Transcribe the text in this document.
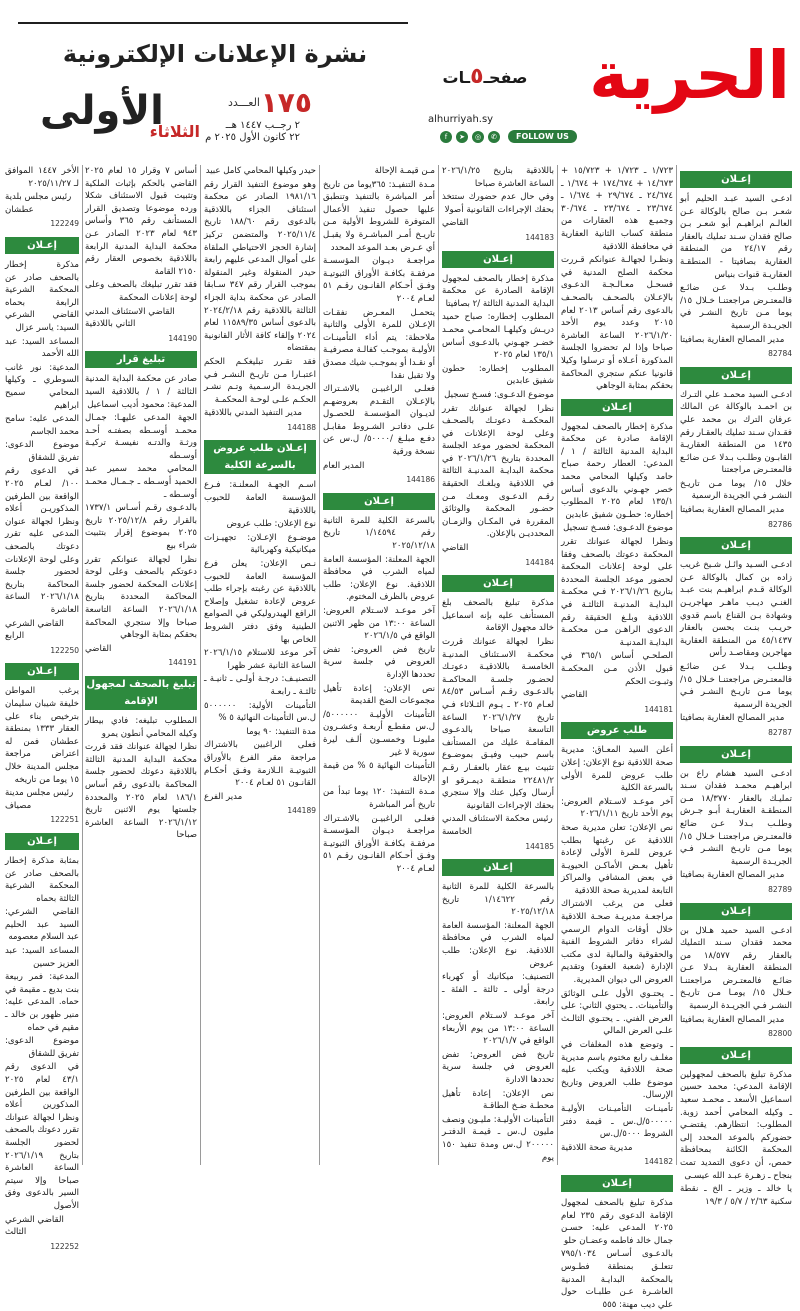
نشرة الإعلانات الإلكترونية
العـــدد ١٧٥
٢ رجــب ١٤٤٧ هــ
٢٢ كانون الأول ٢٠٢٥ م
الثلاثاء
الأولى
صفحـ٥ـات	الحرية
alhurriyah.sy
f	➤	◎	✆	FOLLOW US
إعـلان

ادعـى السيد عبـد الحليم أبو شعـر بـن صالح بالوكالة عـن العالـم ابراهيـم أبو شعـر بـن صالح فقدان سـند تمليك بالعقار رقم ٢٤/١٧ من المنطقة العقارية بصافيتا - المنطقـة العقاريـة قنوات بنياس

وطلـب بـدلا عـن ضائـع فالمعتـرض مراجعتنـا خـلال ١٥/ يوما مـن تاريخ النشـر في الجريـدة الرسمية

مدير المصالح العقارية بصافيتا

82784
إعـلان

ادعـى السيد محمـد علي التـرك بن احمـد بالوكالة عن المالك عرفان الترك بن محمد علي فقـدان سـند تمليك بالعقـار رقم ١٤٣٥ من المنطقة العقاريـة القابـون وطلـب بـدلا عـن ضائـع فالمعتـرض مراجعتنا

خلال ١٥/ يوما مـن تاريـخ النشـر فـي الجريدة الرسمية

مدير المصالح العقارية بصافيتا

82786
إعـلان

ادعـى السـيد وائـل شـيخ غريب زاده بن كمال بالوكالة عـن الوكالة قـدم ابراهيـم بنت عبـد الغنـي ديـب ماهـر مهاجريـن وشهادة بـن القناع باسم قدوي حريـب بنـت بحسن بالعقار ٤٥/١٤٣٧ من المنطقة العقارية مهاجرين ومقاصـد رأس

وطلـب بـدلا عـن ضائـع فالمعتـرض مراجعتنـا خـلال ١٥/ يوما مـن تاريـخ النشـر فـي الجريدة الرسمية

مدير المصالح العقارية بصافيتا

82787
إعـلان

ادعـى السيد هشام راع بن ابراهيـم محمـد فقدان سـند تمليـك بالعقار ١٨/٣٧٧٠ مـن المنطقـة العقاريـة أبـو جـرش وطلـب بـدلا عـن ضائع فالمعتـرض مراجعتنـا خـلال ١٥/ يوما مـن تاريـخ النشـر فـي الجريـدة الرسمية

مدير المصالح العقارية بصافيتا

82789
إعـلان

ادعـى السيد حميد هـلال بن محمد فقدان سـند التمليك بالعقار رقم ١٨/٥٧٧ من المنطقة العقارية بـدلا عـن ضائـع فالمعتـرض مراجعتنـا خـلال ١٥/ يومـا مـن تاريـخ النشـر فـي الجريـدة الرسمية

مدير المصالح العقارية بصافيتا

82800
إعـلان

مذكرة تبليغ بالصحف لمجهولين الإقامة المدعي: محمد حسين اسماعيل الأسعد ـ محمـد سعيد ـ وكيله المحامي أحمد زوبة. المطلوب: انتظارهم. يقتضـي حضوركم بالموعد المحدد إلى المحكمة الكائنة بمحافظة حمص، أن دعوى التمديد تمت بنجاح ـ زهـرة عبـد الله عيسـى

يا خالد ـ وزير ـ الخ ـ نقطة سكنية ٢/٦٣ / ٥/٧ / ١٩/٣

١/٧٢٣ ـ ١/٧٢٣ + ١٥/٧٢٣ + ١٤/٦٧٣ + ١٧٤/٦٧٤ + ١/٦٧٤ ـ ٢٤/٦٧٤ ـ ٢٩/٦٧٤ + ١/٦٧٤ ـ ٢٣/٦٧٤ ـ ٢٣/٦٧٤ ـ ٣٠/٦٧٤ وجميـع هذه العقارات من منطقة كساب الثانية العقارية في محافظة اللاذقية

ونظـرا لجهالـة عنوانكم قـررت محكمة الصلح المدنية في فسحـل معـالـجـة الدعـوى بالإعـلان بالصحـف بالصحـف بالدعوى رقم أساس ٢٠١٣ لعام ٢٠١٥ وعدد يوم الأحد ٢٠٢٦/١/٢٠ الساعة العاشرة صباحا وإذا لم تحضروا الجلسة المذكورة أعـلاه أو ترسلوا وكيلا قانونيا عنكم ستجري المحاكمة بحقكم بمثابة الوجاهي

إعـلان

مذكرة إخطار بالصحف لمجهول الإقامة صادرة عن محكمة البداية المدنية الثالثة / ١ / المدعي: العطار رحمة صباح حامد وكيلها المحامي محمد خصر جهـوني بالدعوى أساس ١٣٥/١ لعام ٢٠٢٥ المطلوب إخطاره: حطـون شفيق عابدين

موضوع الدعـوى: فسـخ تسجيل

ونظرا لجهالة عنوانك تقرر المحكمة دعوتك بالصحف وفقا على لوحة إعلانات المحكمة لحضور موعد الجلسة المحددة بتاريخ ٢٠٢٦/١/٢٦ فـي محكمـة البدايـة المدنيـة الثالثـة في اللاذقية وبلـغ الحقيقة رقم الدعوى الراهـن مـن محكمـة البدايـة المدنيـة

الصلحـي أساس ٣٦٥/١ في قبول الأذن مـن المحكمـة وثبـوت الحكم

القاضي

144181
طلب عروض

أعلن السيد المعـاق: مديرية صحة اللاذقية نوع الإعلان: إعلان طلب عروض للمرة الأولى بالسرعة الكلية

آخر موعـد لاسـتلام العروض: يوم الأحد تاريخ ٢٠٢٦/١/١١

نص الإعلان: تعلن مديرية صحة اللاذقية عن رغبتها بطلب عروض للمرة الأولى لإعادة تأهيل بعـض الأماكـن الحيويـة في بعض المشافي والمراكز التابعة لمديرية صحة اللاذقية

فعلى من يرغب الاشتراك مراجعـة مديريـة صحـة اللاذقية خلال أوقات الدوام الرسمي لشراء دفاتر الشروط الفنية والحقوقية والمالية لدى مكتب الإدارة (شعبة العقود) وتقديم العروض الى ديوان المديرية.

ـ يحتـوي الأول علـى الوثائق والتأمينات. ـ يحتوي الثاني: على العرض الفني. ـ يحتـوي الثالـث علـى العرض المالي

ـ وتوضع هذه المغلفات في مغلـف رابع مختوم باسم مديرية صحة اللاذقية ويكتب عليه موضوع طلب العروض وتاريخ الإرسال.

تأمينـات التأميـنات الأوليـة ٥٠٠٠٠٠/ل.س ـ قيمة دفتر الشروط ٥٠٠٠/ل.س

مديرية صحة اللاذقية

144182
إعـلان

مذكرة تبليغ بالصحف لمجهول الإقامة الدعوى رقم ٢٣٥ لعام ٢٠٢٥ المدعى عليه: حسـن جمال خالد فاطمه وعضـان حلو

بالدعـوى أسـاس ٧٩٥/١٠٣٤ تتعلـق بمنطقة فطـوس بالمحكمة البدايـة المدنية العاشـرة عـن طلبـات حول علي ديب مهنة: ٥٥٥

باللاذقية بتاريخ ٢٠٢٦/١/٢٥ الساعة العاشرة صباحا

وفي حال عدم حضورك ستتخذ بحقك الإجراءات القانونية أصولا

القاضي

144183
إعـلان

مذكرة إخطار بالصحف لمجهول الإقامة الصادرة عن محكمة البداية المدنية الثالثة /٢ بصافيتا

المطلوب إخطاره: صباح حميد دريـش وكيلهـا المحامـي محمـد خضـر جهـوني بالدعـوى أساس ١٣٥/١ لعام ٢٠٢٥

المطلوب إخطاره: حطون شفيق عابدين

موضوع الدعـوى: فسـخ تسجيل

نظرا لجهالة عنوانك تقرر المحكمـة دعوتـك بالصحـف وعلى لوحة الإعلانات في المحكمة لحضور موعد الجلسة المحددة بتاريخ ٢٠٢٦/١/٢٦ في محكمة البدايـة المدنيـة الثالثة في اللاذقية وبلغـك الحقيقة رقـم الدعـوى ومعـك مـن حضـور المحكمة والوثائق المقررة في المكـان والزمـان المحدديـن بالإعلان.

القاضي

144184
إعـلان

مذكرة تبليغ بالصحف بلغ المستأنف عليه بإنه اسماعيل خالد مجهول الإقامة

نظرا لجهالة عنوانك قررت محكمـة الاسـتئناف المدنيـة الخامسـة باللاذقيـة دعوتـك لحضـور جلسـة المحاكمـة بالدعـوى رقـم أسـاس ٨٤/٥٣ لعـام ٢٠٢٥ ـ يـوم الثـلاثاء فـي تاريخ ٢٠٢٦/١/٢٧ الساعة التاسعة صباحا بالدعـوى المقامـة عليك من المستأنف باسم حبيب وفيـق بموضـوع تثبيت بيـع عقار بالعقـار رقـم ٢٢٤٨١/٢ منطقـة ديمـرقو او أرسال وكيل عنك وإلا ستجري بحقك الإجراءات القانونية

رئيس محكمة الاستئناف المدني الخامسة

144185
إعـلان

بالسرعة الكلية للمرة الثانية رقم ١/١٤٦٢٢ تاريخ ٢٠٢٥/١٢/١٨

الجهة المعلنة: المؤسسة العامة لمياه الشرب في محافظة اللاذقية. نوع الإعلان: طلب عروض

التصنيف: ميكانيك أو كهرباء درجة أولى ـ ثالثة ـ الفئة ـ رابعة.

آخر موعـد لاسـتلام العروض: الساعة ١٣:٠٠ من يوم الأربعاء الواقع في ٢٠٢٦/١/٧

تاريخ فض العروض: تفض العروض في جلسة سرية تحددها الادارة

نص الإعلان: إعادة تأهيل محطـة ضـخ الطاقـة

التأمينات الأوليـة: مليـون ونصف مليون ل.س ـ قيمـة الدفتـر ٢٠٠٠٠٠ ل.س ومدة تنفيذ ١٥٠ يوم

مـن قيمـة الإحالة

مـدة التنفيـذ: ٣٦٥يوما من تاريخ أمر المباشرة بالتنفيذ وتنطبق عليها حصول تنفيذ الأعمال المتوفرة للشروط الأولية مـن تاريـخ أمـر المباشـرة ولا يقبـل أي عـرض بعـد الموعد المحدد

مراجعـة ديـوان المؤسسـة مرفقـة بكافـة الأوراق الثبوتيـة وفـق أحـكام القانـون رقـم ٥١ لعـام ٢٠٠٤

يتحمـل المعـرض نفقـات الإعـلان للمرة الأولى والثانية ملاحظة: يتم أداء التأمينـات الأوليـة بموجـب كفالـة مصرفيـة أو نقـدا أو بموجـب شيك مصدق ولا تقبل نقدا

فعلـى الراغبيـن بالاشـتراك بالإعـلان التقـدم بعروضهـم لديـوان المؤسسـة للحصـول علـى دفاتـر الشـروط مقابـل دفـع مبلـغ /٥٠٠٠٠/ ل.س عن نسخة ورقية

المدير العام

144186
إعـلان

بالسرعة الكلية للمرة الثانية رقم ١/١٤٥٩٤ تاريخ ٢٠٢٥/١٢/١٨

الجهة المعلنة: المؤسسة العامة لمياه الشرب في محافظة اللاذقية. نوع الإعلان: طلب عروض بالظرف المختوم.

آخر موعـد لاسـتلام العروض: الساعة ١٣:٠٠ من ظهر الاثنين الواقع في ٢٠٢٦/١/٥

تاريخ فض العروض: تفض العروض في جلسة سرية تحددها الإدارة

نص الإعلان: إعادة تأهيل مجموعات الضخ القديمة

التأمينات الأوليـة ٥٠٠٠٠٠٠/ل.س مقطـع أربعـة وعشـرون مليونـا وخمسـون ألـف ليرة سورية لا غير

التأمينات النهائية ٥ % من قيمة الإحالة

مـدة التنفيذ: ١٢٠ يوما تبدأ من تاريخ أمر المباشرة

فعلـى الراغبيـن بالاشـتراك مراجعـة ديـوان المؤسسـة مرفقـة بكافـة الأوراق الثبوتيـة وفـق أحـكام القانـون رقـم ٥١ لعـام ٢٠٠٤

حيدر وكيلها المحامي كامل عبيد

وهو موضوع التنفيذ القرار رقم ١٩٨١/١٦ الصادر عن محكمة استئناف الجزاء باللاذقية بالدعوى رقم ١٨٨/٦٠ تاريخ ٢٠٢٥/١١/٤ والمتضمن تركيز إشارة الحجز الاحتياطي الملقاة على أموال المدعى عليهم رابعة حيدر المنقولة وغير المنقولة بموجب القرار رقم ٣٤٧ سـابقا الصادر عن محكمة بداية الجزاء الثالثة باللاذقية رقم ٢٠٢٤/٢/١٨ بالدعوى أساس ١١٥٨٩/٣٥ لعام ٢٠٢٤ وإلقاء كافة الأثار القانونية بمقتضاه

فقد تقـرر تبليغكـم الحكم اعتبـارا مـن تاريـخ النشـر فـي الجريـدة الرسـمية وتـم نشـر الحكـم علـى لوحـة المحكمـة

مدير التنفيذ المدني باللاذقية

144188
إعـلان طلب عروض بالسرعة الكلية

اسـم الجهـة المعلنـة: فـرع المؤسسة العامة للحبوب باللاذقية

نوع الإعلان: طلب عروض

موضـوع الإعـلان: تجهيـزات ميكانيكية وكهربائية

نـص الإعلان: يعلن فرع المؤسسة العامة للحبوب باللاذقية عن رغبته بإجراء طلب عروض لإعادة تشغيل وإصلاح الرافع الهيدروليكي في الصوامع الطينية وفق دفتر الشروط الخاص بها

آخر موعد للاستلام ٢٠٢٦/١/١٥ الساعة الثانية عشر ظهرا

التصنيـف: درجـة أولـى ـ ثانيـة ـ ثالثـة ـ رابعـة

التأمينات الأولية: ٥٠٠٠٠٠٠ ل.س التأمينات النهائية ٥ %

مدة التنفيذ: ٩٠ يوما

فعلى الراغبين بالاشتراك مراجعة مقر الفرع بالأوراق الثبوتيـة الـلازمة وفـق أحكـام القانـون ٥١ لعـام ٢٠٠٤

مدير الفرع

144189

أساس ٧ وقرار ١٥ لعام ٢٠٢٥ القاضي بالحكم بإثبات الملكية وتثبيت قبول الاستئناف شكلا ورده موضوعا وتصديق القرار المستأنف رقم ٣٦٥ وأساس ٩٤٣ لعام ٢٠٢٣ الصادر عـن محكمة البداية المدنية الرابعة باللاذقية بخصوص العقار رقم ٢١٥٠ القامة

فقد تقرر تبليغك بالصحف وعلى لوحة إعلانات المحكمة

القاضي الاستئناف المدني الثاني باللاذقية

144190
تبليغ قرار

صادر عن محكمة البداية المدنية الثالثة / ١ / باللاذقية السيد المدعية: محمود أديب اسماعيل

الجهة المدعى عليهـا: جمـال محمـد أوسـطه بصفتـه أحـد ورثـة والدتـه نفيسـة تركيـة أوسـطه

المحامي محمد سمير عبد الحميد أوسـطه ـ جـمـال محمـد أوسـطه ـ

بالدعـوى رقـم أسـاس ١٧٣٧/١ بالقرار رقم ٢٠٢٥/١٢/٨ تاريخ ٢٠٢٥ بموضوع إقرار بتثبيت شراء بيع

نظرا لجهالة عنوانكم تقرر دعوتكم بالصحف وعلى لوحة إعلانات المحكمة لحضور جلسة المحاكمة المحددة بتاريخ ٢٠٢٦/١/١٨ الساعة التاسعة صباحا وإلا ستجري المحاكمة بحقكم بمثابة الوجاهي

القاضي

144191
تبليغ بالصحف لمجهول الإقامة

المطلوب تبليغه: فادي بيطار وكيله المحامي أنطون يمرو

نظرا لجهالة عنوانك فقد قررت محكمة البداية المدنية الثالثة باللاذقية دعوتك لحضور جلسة المحاكمة بالدعوى رقم أساس ١٨٦/١ لعام ٢٠٢٥ والمحددة جلستها يوم الاثنين تاريخ ٢٠٢٦/١/١٢ الساعة العاشرة صباحا

الأخر ١٤٤٧ الموافق لـ ٢٠٢٥/١١/٢٧

رئيس مجلس بلدية عطشان

122249
إعـلان

مذكرة إخطار بالصحف صادر عن المحكمة الشرعية الرابعة بحماه القاضي الشرعي السيد: ياسر عزال

المساعد السيد: عبد الله الأحمد

المدعية: نور غانب السوطري ـ وكيلها المحامي سميح ابراهيم

المدعى عليه: سامح محمد الجاسم

موضوع الدعوى: تفريق للشقاق

في الدعوى رقم ١٠٠/ لعـام ٢٠٢٥ الواقعة بين الطرفين المذكوريـن أعلاه ونظرا لجهالة عنوان المدعى عليه تقرر دعوتك بالصحف وعلى لوحة الإعلانات لحضور جلسة المحاكمة بتاريخ ٢٠٢٦/١/١٨ الساعة العاشرة

القاضي الشرعي الرابع

122250
إعـلان

يرغب المواطن خليفة شيبان سليمان بترخيص بناء على العقار ١٣٣٣ بمنطقة عطشان فمن له اعتراض مراجعة مجلس المدينة خلال ١٥ يوما من تاريخه

رئيس مجلس مدينة مصياف

122251
إعـلان

بمثابة مذكرة إخطار بالصحف صادر عن المحكمة الشرعية الثالثة بحماه

القاضي الشرعي: السيد عبد الحليم عبد السلام معصومه

المساعد السيد: عبد العزيز حسين

المدعية: فمر ربيعة بنت بديع ـ مقيمة في حماه. المدعى عليه: منير ظهور بن خالد ـ مقيم في حماه

موضوع الدعوى: تفريق للشقاق

في الدعوى رقم ٤٣/١ لعام ٢٠٢٥ الواقعة بين الطرفين المذكورين أعلاه ونظرا لجهالة عنوانك تقرر دعوتك بالصحف لحضور الجلسة بتاريخ ٢٠٢٦/١/١٩ الساعة العاشرة صباحا وإلا سيتم السير بالدعوى وفق الأصول

القاضي الشرعي الثالث

122252
